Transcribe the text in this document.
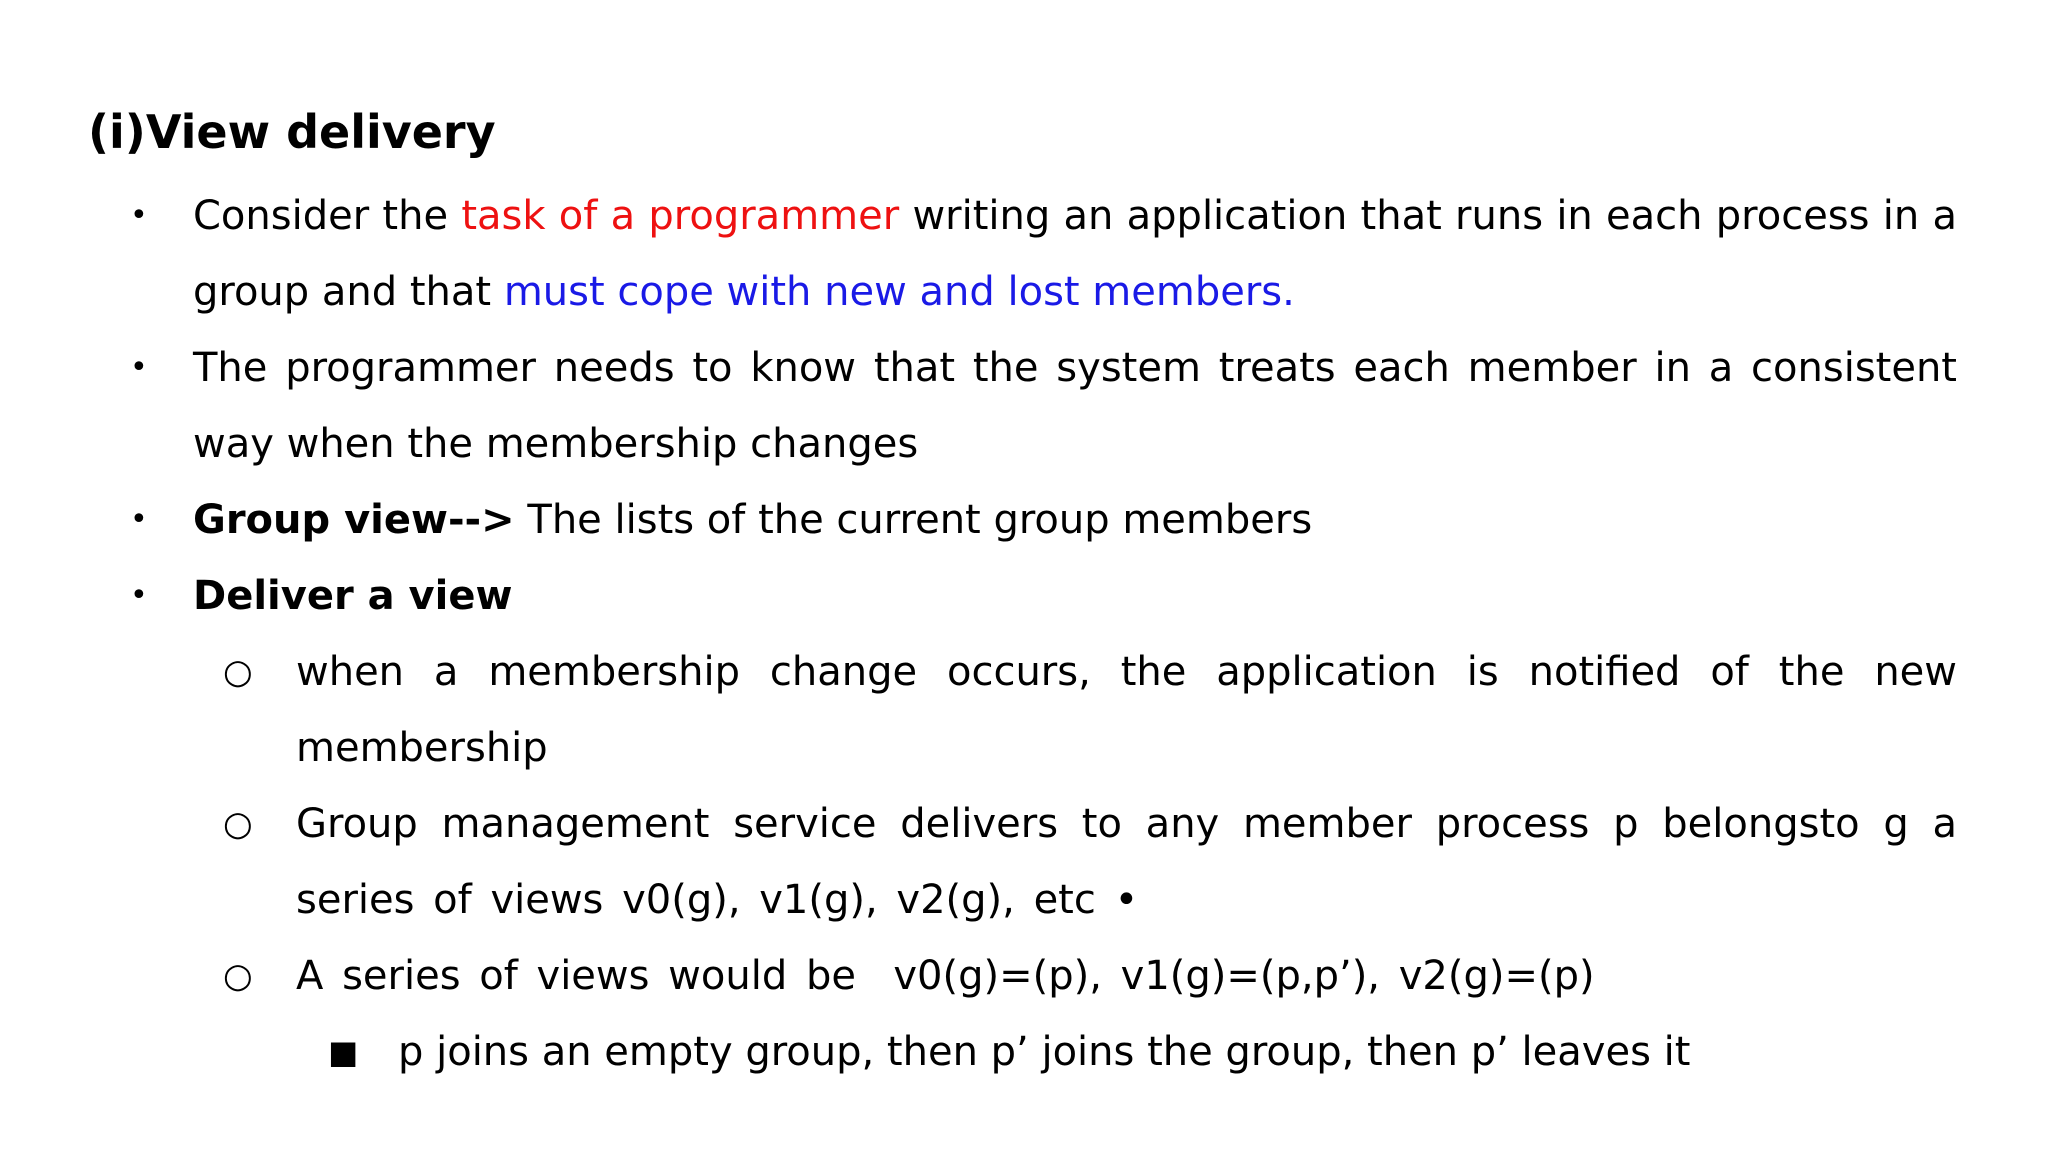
(i)View delivery
• Consider the task of a programmer writing an application that runs in each process in a group and that must cope with new and lost members.
• The programmer needs to know that the system treats each member in a consistent way when the membership changes
• Group view--> The lists of the current group members
• Deliver a view
○ when a membership change occurs, the application is notified of the new membership
○ Group management service delivers to any member process p belongsto g a series of views v0(g), v1(g), v2(g), etc •
○ A series of views would be  v0(g)=(p), v1(g)=(p,p’), v2(g)=(p)
■ p joins an empty group, then p’ joins the group, then p’ leaves it
